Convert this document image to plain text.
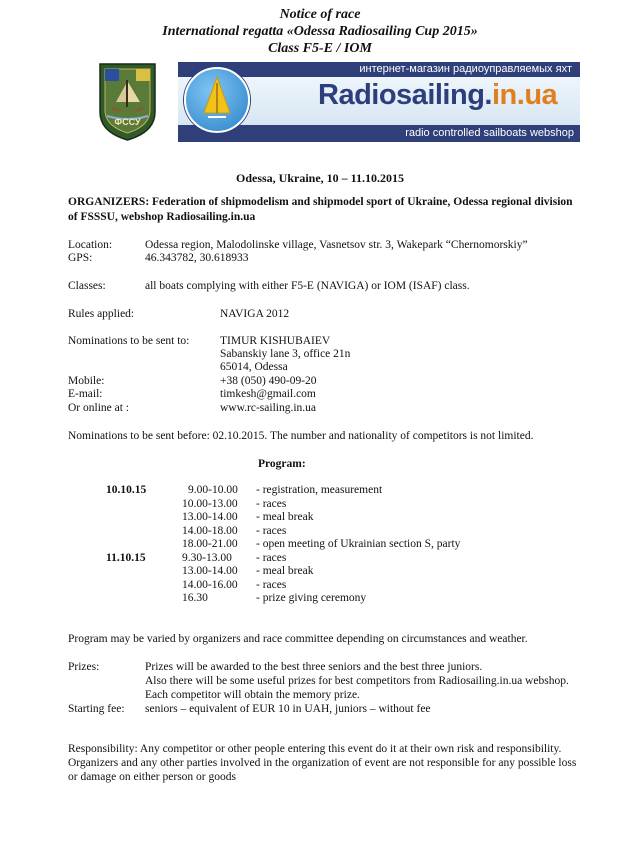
Notice of race
International regatta «Odessa Radiosailing Cup 2015»
Class F5-E / IOM
ФССУ
интернет-магазин радиоуправляемых яхт
radio controlled sailboats webshop
Radiosailing.in.ua
Odessa, Ukraine, 10 – 11.10.2015
ORGANIZERS: Federation of shipmodelism and shipmodel sport of Ukraine, Odessa regional division
of FSSSU, webshop Radiosailing.in.ua
Location:	Odessa region, Malodolinske village, Vasnetsov str. 3, Wakepark “Chernomorskiy”
GPS:	46.343782, 30.618933
Classes:	all boats complying with either F5-E (NAVIGA) or IOM (ISAF) class.
Rules applied:	NAVIGA 2012
Nominations to be sent to:	TIMUR KISHUBAIEV
Sabanskiy lane 3, office 21n
65014, Odessa
Mobile:	+38 (050) 490-09-20
E-mail:	timkesh@gmail.com
Or online at :	www.rc-sailing.in.ua
Nominations to be sent before: 02.10.2015. The number and nationality of competitors is not limited.
Program:
10.10.15	9.00-10.00 - registration, measurement
10.00-13.00 - races
13.00-14.00 - meal break
14.00-18.00 - races
18.00-21.00 - open meeting of Ukrainian section S, party
11.10.15	9.30-13.00 - races
13.00-14.00 - meal break
14.00-16.00 - races
16.30	- prize giving ceremony
Program may be varied by organizers and race committee depending on circumstances and weather.
Prizes:	Prizes will be awarded to the best three seniors and the best three juniors.
Also there will be some useful prizes for best competitors from Radiosailing.in.ua webshop.
Each competitor will obtain the memory prize.
Starting fee: seniors – equivalent of EUR 10 in UAH, juniors – without fee
Responsibility: Any competitor or other people entering this event do it at their own risk and responsibility.
Organizers and any other parties involved in the organization of event are not responsible for any possible loss
or damage on either person or goods
